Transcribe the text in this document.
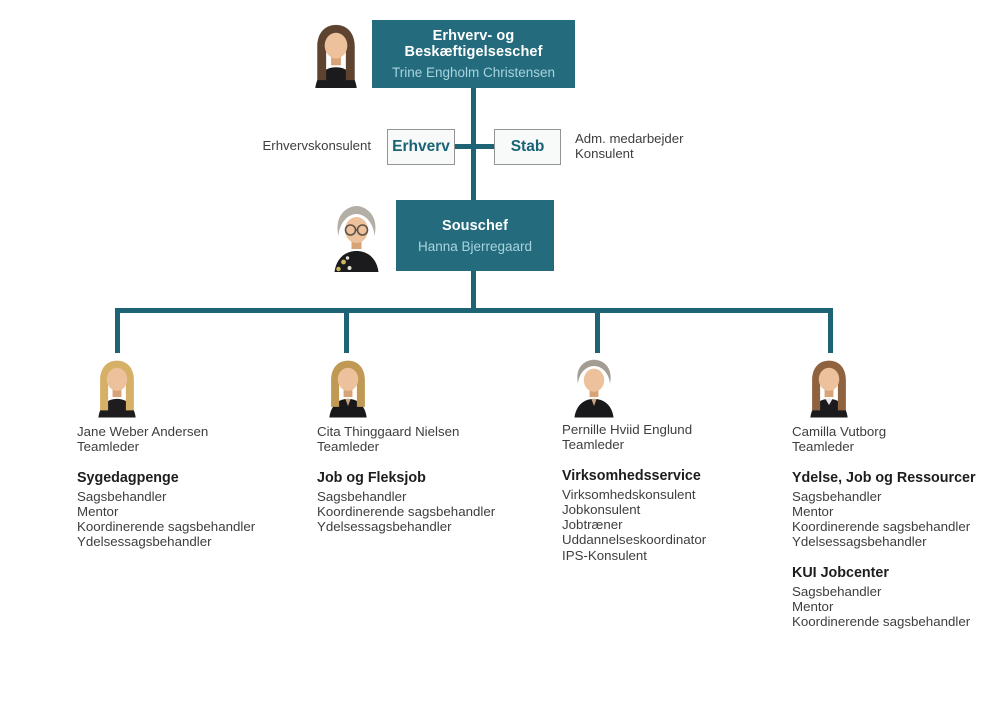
Erhverv- og Beskæftigelseschef
Trine Engholm Christensen
Erhvervskonsulent Erhverv	Stab Adm. medarbejder
Konsulent
Souschef
Hanna Bjerregaard
Jane Weber Andersen
Teamleder
Sygedagpenge
Sagsbehandler
Mentor
Koordinerende sagsbehandler
Ydelsessagsbehandler
Cita Thinggaard Nielsen
Teamleder
Job og Fleksjob
Sagsbehandler
Koordinerende sagsbehandler
Ydelsessagsbehandler
Pernille Hviid Englund
Teamleder
Virksomhedsservice
Virksomhedskonsulent
Jobkonsulent
Jobtræner
Uddannelseskoordinator
IPS-Konsulent
Camilla Vutborg
Teamleder
Ydelse, Job og Ressourcer
Sagsbehandler
Mentor
Koordinerende sagsbehandler
Ydelsessagsbehandler
KUI Jobcenter
Sagsbehandler
Mentor
Koordinerende sagsbehandler
